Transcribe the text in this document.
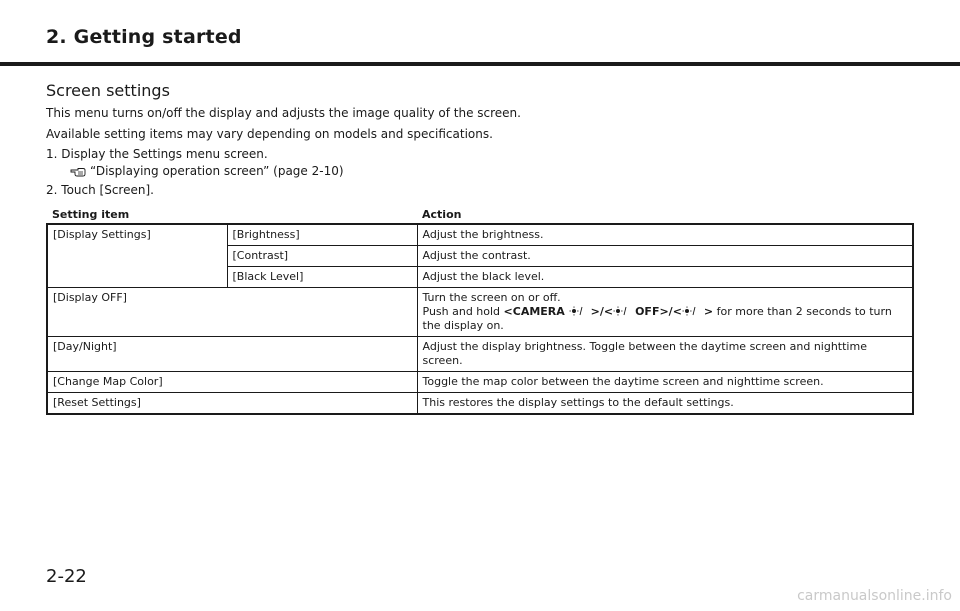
2. Getting started
Screen settings

This menu turns on/off the display and adjusts the image quality of the screen.

Available setting items may vary depending on models and specifications.

1. Display the Settings menu screen.

“Displaying operation screen” (page 2-10)

2. Touch [Screen].

Setting item		Action
[Display Settings]	[Brightness]	Adjust the brightness.
	[Contrast]	Adjust the contrast.
	[Black Level]	Adjust the black level.
[Display OFF]		Turn the screen on or off.
Push and hold <CAMERA >/< OFF>/< > for more than 2 seconds to turn the display on.
[Day/Night]		Adjust the display brightness. Toggle between the daytime screen and nighttime screen.
[Change Map Color]		Toggle the map color between the daytime screen and nighttime screen.
[Reset Settings]		This restores the display settings to the default settings.

2-22

carmanualsonline.info
